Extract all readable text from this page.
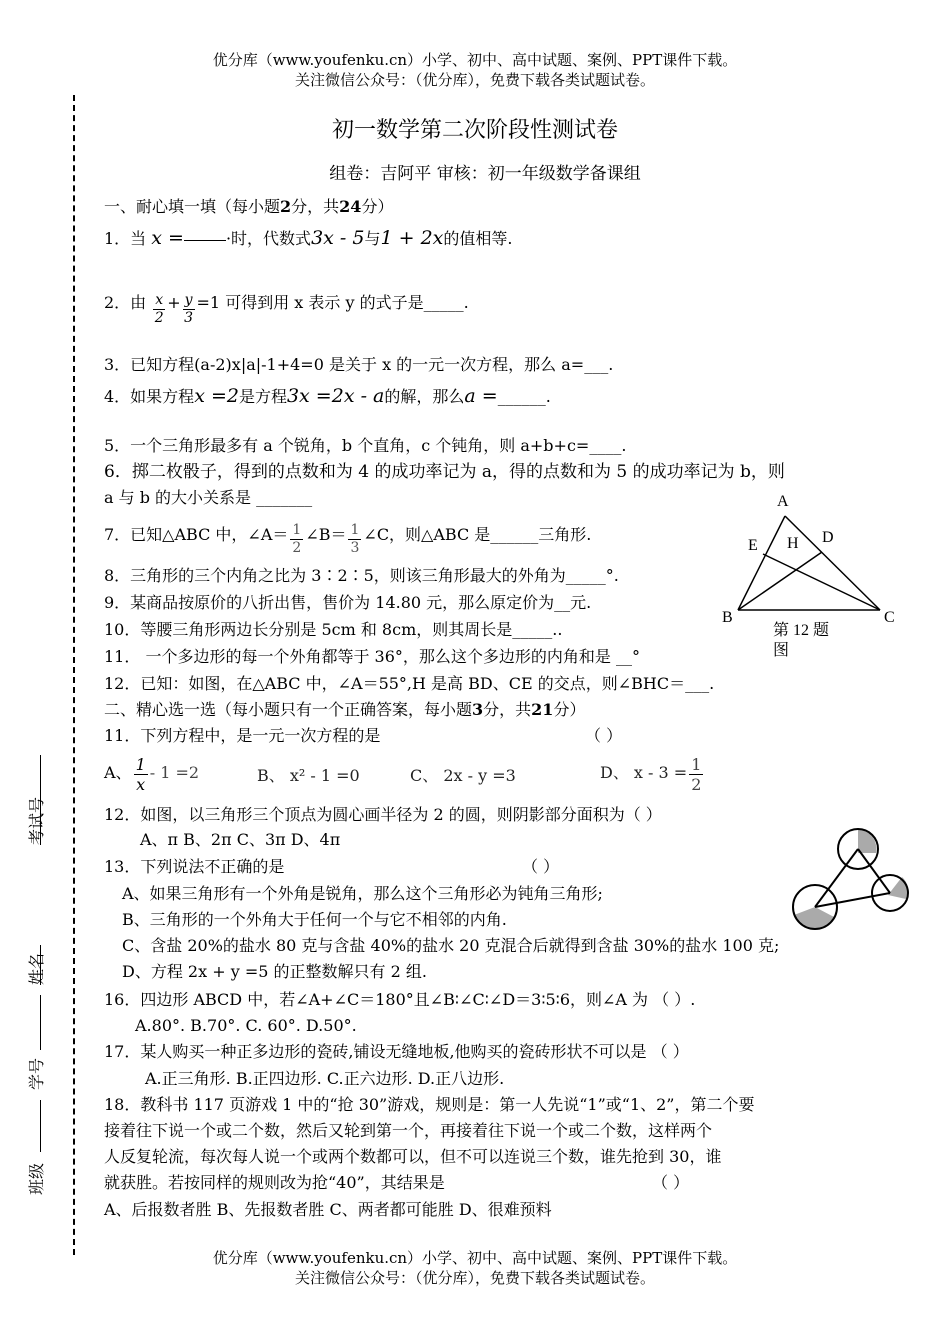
优分库（www.youfenku.cn）小学、初中、高中试题、案例、PPT课件下载。
关注微信公众号：（优分库），免费下载各类试题试卷。
考试号
姓名
学号
班级
初一数学第二次阶段性测试卷
组卷：吉阿平 审核：初一年级数学备课组
一、耐心填一填（每小题2分，共24分）
1．当 x =	·时，代数式3x - 5与1 + 2x的值相等.
2．由 $\frac{x}{2} + \frac{y}{3} =1$ 可得到用 x 表示 y 的式子是_____.
3．已知方程(a-2)x|a|-1+4=0 是关于 x 的一元一次方程，那么 a=___.
4．如果方程x =2是方程3x =2x - a的解，那么a =______.
5．一个三角形最多有 a 个锐角，b 个直角，c 个钝角，则 a+b+c=____.
6．掷二枚骰子，得到的点数和为 4 的成功率记为 a，得的点数和为 5 的成功率记为 b，则
a 与 b 的大小关系是 _______
7．已知△ABC 中，∠A＝ $\frac{1}{2}$ ∠B＝ $\frac{1}{3}$ ∠C，则△ABC 是______三角形.
8．三角形的三个内角之比为 3∶2∶5，则该三角形最大的外角为_____°.
9．某商品按原价的八折出售，售价为 14.80 元，那么原定价为__元.
10．等腰三角形两边长分别是 5cm 和 8cm，则其周长是_____..
11． 一个多边形的每一个外角都等于 36°，那么这个多边形的内角和是 __°
12．已知：如图，在△ABC 中，∠A＝55°,H 是高 BD、CE 的交点，则∠BHC＝___.
A
B	C
D
E H
第 12 题
图
二、精心选一选（每小题只有一个正确答案，每小题3分，共21分）
11．下列方程中，是一元一次方程的是	（ ）
A、 $\frac{1}{x} - 1 =2$	B、 x² - 1 =0	C、 2x - y =3	D、 $x - 3 = \frac{1}{2}$
12．如图，以三角形三个顶点为圆心画半径为 2 的圆，则阴影部分面积为（ ）
A、π B、2π C、3π D、4π
13．下列说法不正确的是	（ ）
A、如果三角形有一个外角是锐角，那么这个三角形必为钝角三角形;
B、三角形的一个外角大于任何一个与它不相邻的内角.
C、含盐 20%的盐水 80 克与含盐 40%的盐水 20 克混合后就得到含盐 30%的盐水 100 克;
D、方程 2x + y =5 的正整数解只有 2 组.
16．四边形 ABCD 中，若∠A+∠C＝180°且∠B∶∠C∶∠D＝3∶5∶6，则∠A 为 （ ）.
A.80°. B.70°. C. 60°. D.50°.
17．某人购买一种正多边形的瓷砖,铺设无缝地板,他购买的瓷砖形状不可以是 （ ）
A.正三角形. B.正四边形. C.正六边形. D.正八边形.
18．教科书 117 页游戏 1 中的“抢 30”游戏，规则是：第一人先说“1”或“1、2”，第二个要
接着往下说一个或二个数，然后又轮到第一个，再接着往下说一个或二个数，这样两个
人反复轮流，每次每人说一个或两个数都可以，但不可以连说三个数，谁先抢到 30，谁
就获胜。若按同样的规则改为抢“40”，其结果是	（ ）
A、后报数者胜 B、先报数者胜 C、两者都可能胜 D、很难预料
优分库（www.youfenku.cn）小学、初中、高中试题、案例、PPT课件下载。
关注微信公众号：（优分库），免费下载各类试题试卷。
